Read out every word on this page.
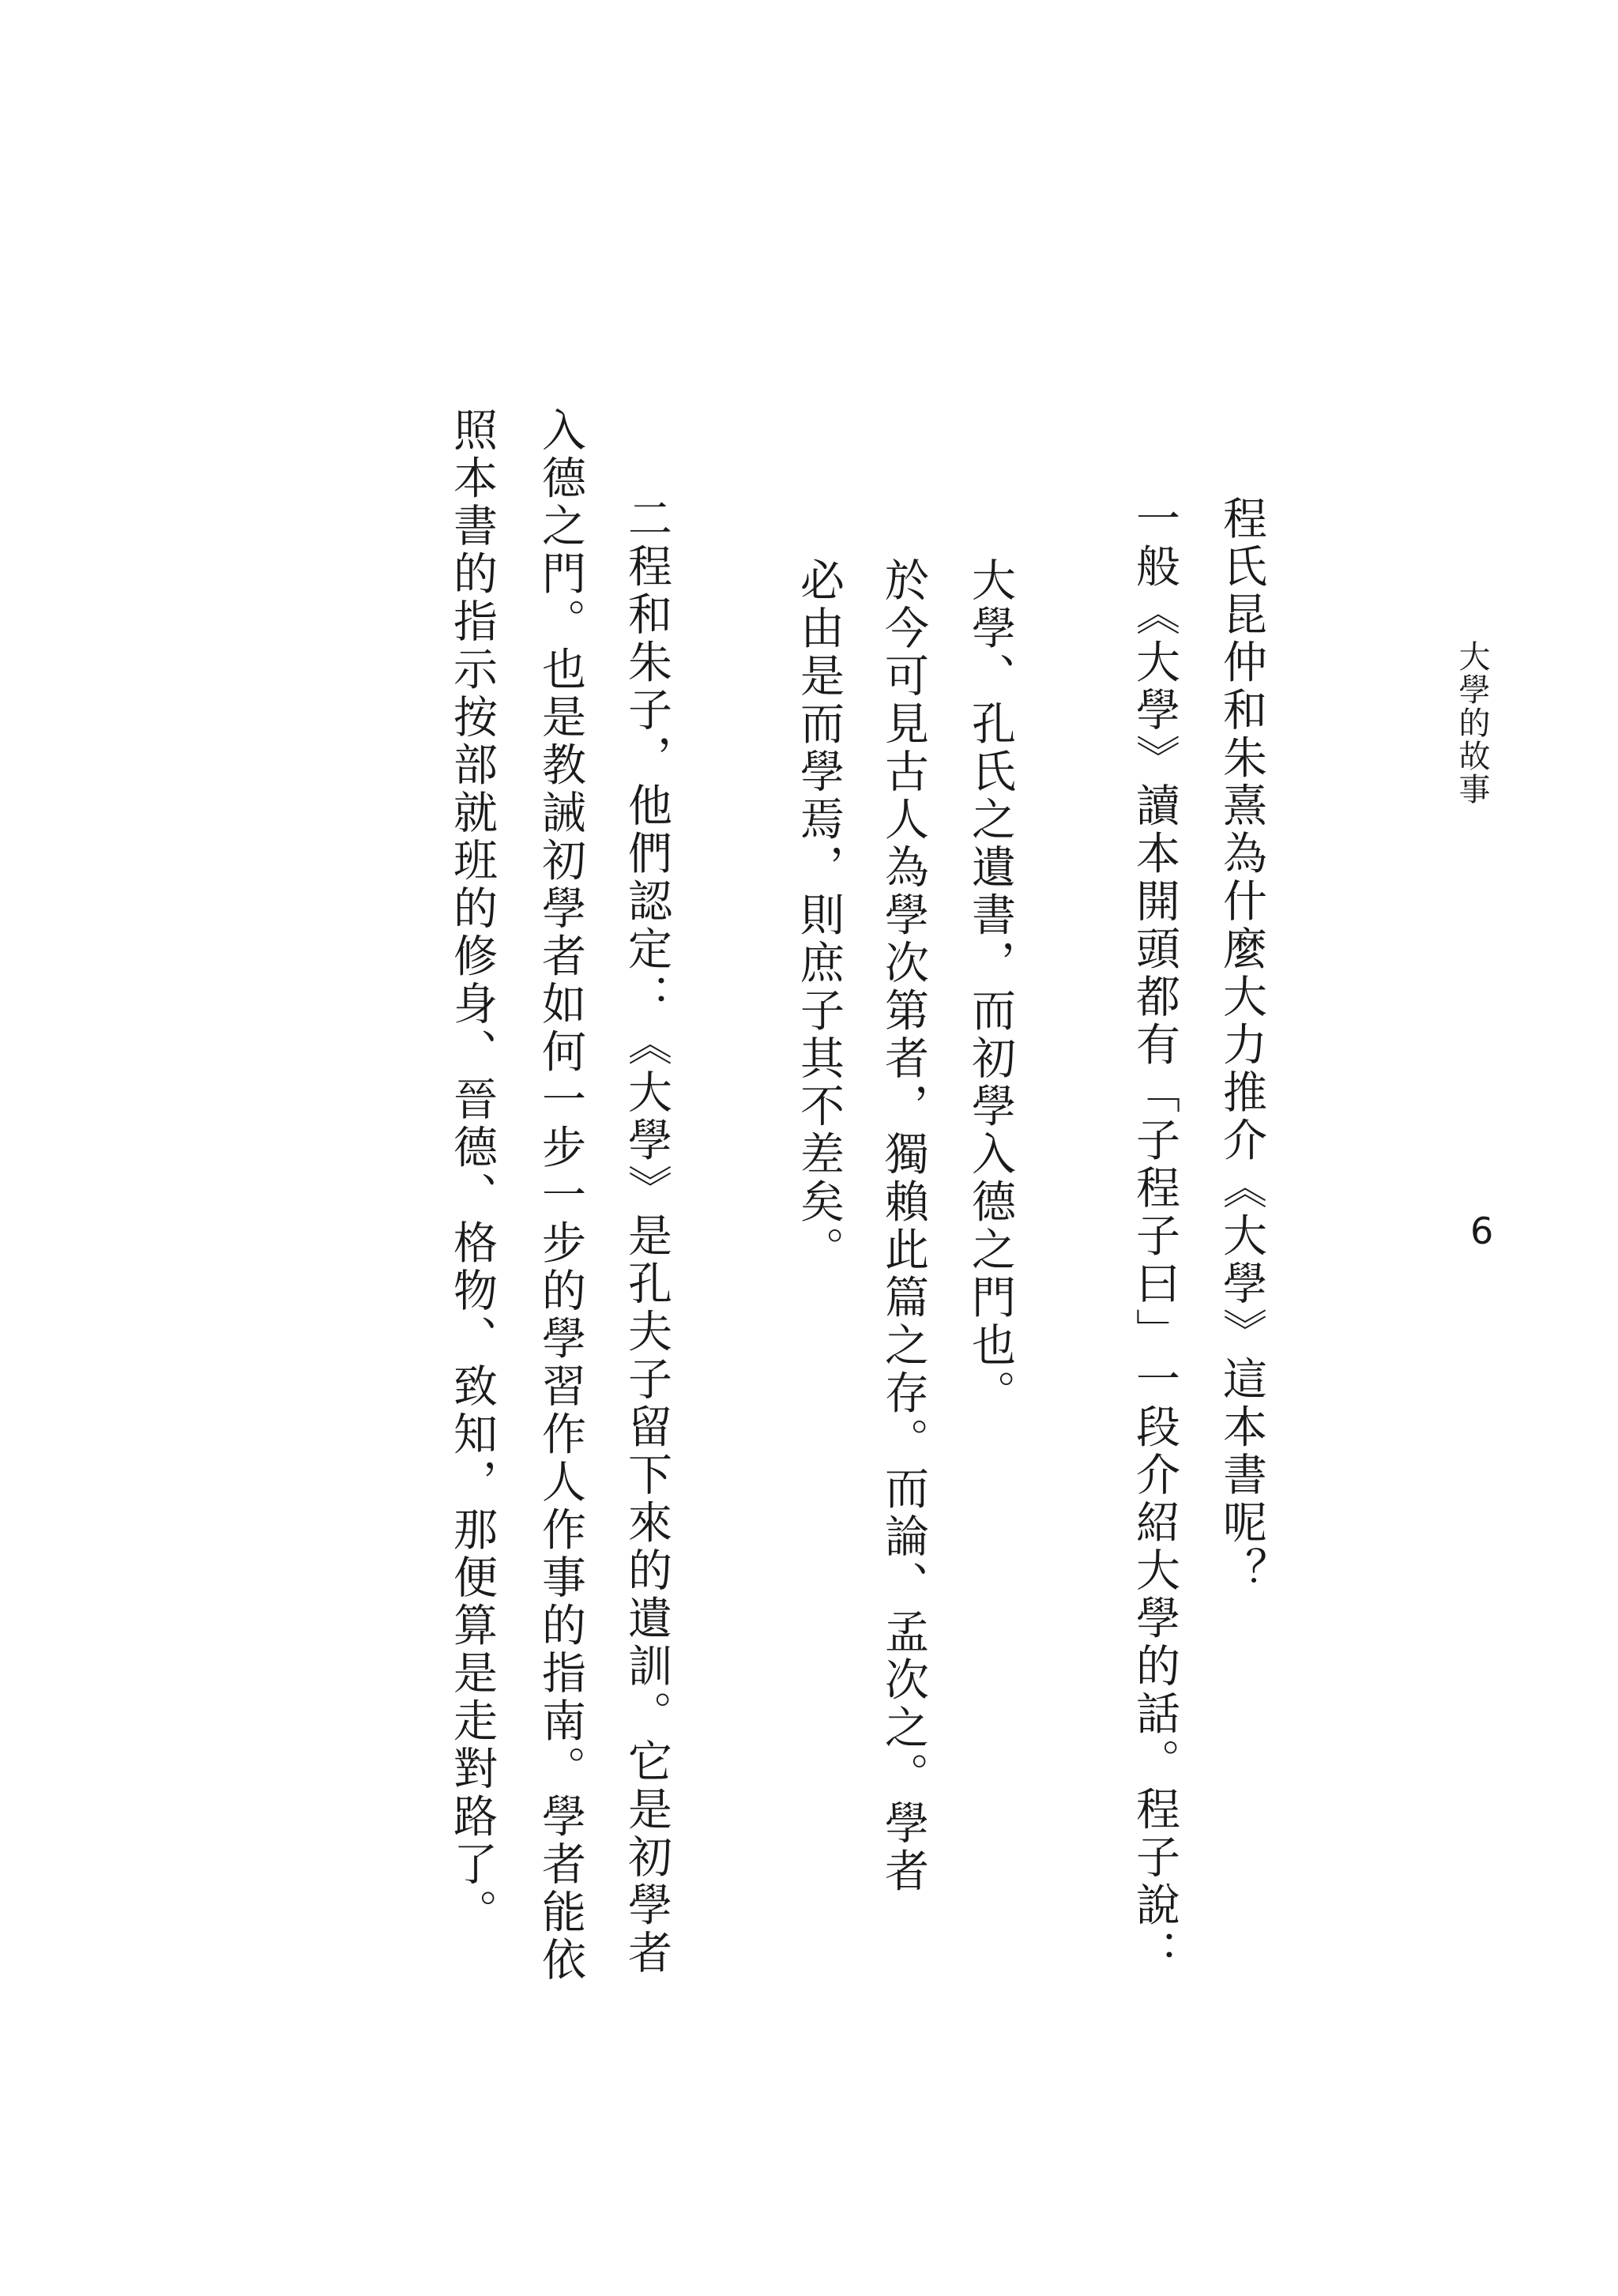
大學的故事
6
程氏昆仲和朱熹為什麼大力推介《大學》這本書呢？
一般《大學》讀本開頭都有「子程子曰」一段介紹大學的話。程子說：
大學、孔氏之遺書，而初學入德之門也。
於今可見古人為學次第者，獨賴此篇之存。而論、孟次之。學者
必由是而學焉，則庶子其不差矣。
二程和朱子，他們認定：《大學》是孔夫子留下來的遺訓。它是初學者
入德之門。也是教誡初學者如何一步一步的學習作人作事的指南。學者能依
照本書的指示按部就班的修身、晉德、格物、致知，那便算是走對路了。
